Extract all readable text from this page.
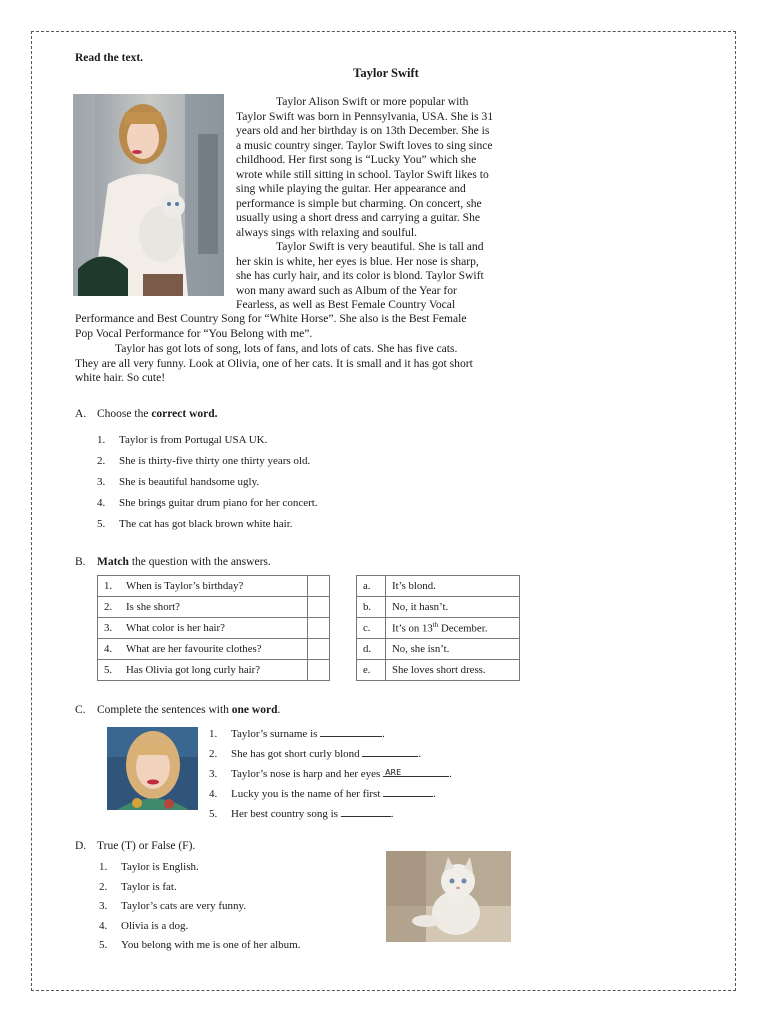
Read the text.
Taylor Swift
Taylor Alison Swift or more popular with
Taylor Swift was born in Pennsylvania, USA. She is 31
years old and her birthday is on 13th December. She is
a music country singer. Taylor Swift loves to sing since
childhood. Her first song is “Lucky You” which she
wrote while still sitting in school. Taylor Swift likes to
sing while playing the guitar. Her appearance and
performance is simple but charming. On concert, she
usually using a short dress and carrying a guitar. She
always sings with relaxing and soulful.
Taylor Swift is very beautiful. She is tall and
her skin is white, her eyes is blue. Her nose is sharp,
she has curly hair, and its color is blond. Taylor Swift
won many award such as Album of the Year for
Fearless, as well as Best Female Country Vocal
Performance and Best Country Song for “White Horse”. She also is the Best Female
Pop Vocal Performance for “You Belong with me”.
Taylor has got lots of song, lots of fans, and lots of cats. She has five cats.
They are all very funny. Look at Olivia, one of her cats. It is small and it has got short
white hair. So cute!
A. Choose the correct word.
1. Taylor is from Portugal USA UK.
2. She is thirty-five thirty one thirty years old.
3. She is beautiful handsome ugly.
4. She brings guitar drum piano for her concert.
5. The cat has got black brown white hair.
B. Match the question with the answers.
1. When is Taylor’s birthday?	
2. Is she short?	
3. What color is her hair?	
4. What are her favourite clothes?	
5. Has Olivia got long curly hair?	
a.	It’s blond.
b.	No, it hasn’t.
c.	It’s on 13th December.
d.	No, she isn’t.
e.	She loves short dress.
C. Complete the sentences with one word.
1. Taylor’s surname is	.
2. She has got short curly blond	.
3. Taylor’s nose is harp and her eyes ARE	.
4. Lucky you is the name of her first	.
5. Her best country song is	.
D. True (T) or False (F).
1. Taylor is English.
2. Taylor is fat.
3. Taylor’s cats are very funny.
4. Olivia is a dog.
5. You belong with me is one of her album.
